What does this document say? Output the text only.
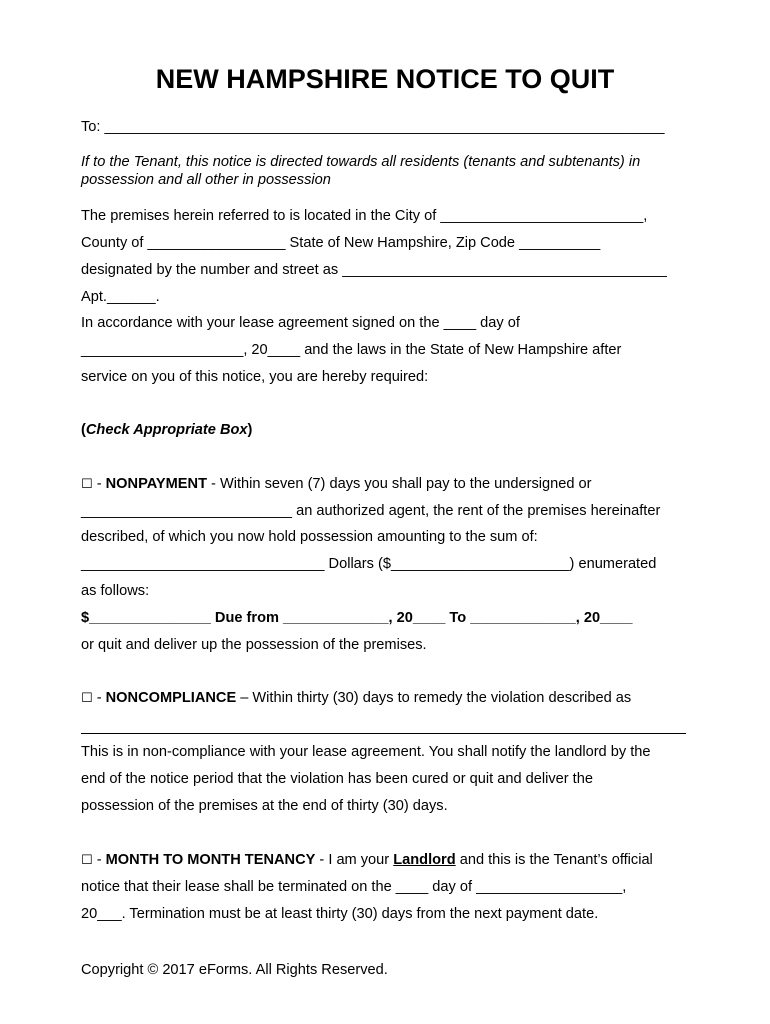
NEW HAMPSHIRE NOTICE TO QUIT
To: _____________________________________________________________________
If to the Tenant, this notice is directed towards all residents (tenants and subtenants) in
possession and all other in possession
The premises herein referred to is located in the City of _________________________,
County of _________________ State of New Hampshire, Zip Code __________
designated by the number and street as ________________________________________
Apt.______.
In accordance with your lease agreement signed on the ____ day of
____________________, 20____ and the laws in the State of New Hampshire after
service on you of this notice, you are hereby required:
(Check Appropriate Box)
☐ - NONPAYMENT - Within seven (7) days you shall pay to the undersigned or
__________________________ an authorized agent, the rent of the premises hereinafter
described, of which you now hold possession amounting to the sum of:
______________________________ Dollars ($______________________) enumerated
as follows:
$_______________ Due from _____________, 20____ To _____________, 20____
or quit and deliver up the possession of the premises.
☐ - NONCOMPLIANCE – Within thirty (30) days to remedy the violation described as
This is in non-compliance with your lease agreement. You shall notify the landlord by the
end of the notice period that the violation has been cured or quit and deliver the
possession of the premises at the end of thirty (30) days.
☐ - MONTH TO MONTH TENANCY - I am your Landlord and this is the Tenant’s official
notice that their lease shall be terminated on the ____ day of __________________,
20___. Termination must be at least thirty (30) days from the next payment date.
Copyright © 2017 eForms. All Rights Reserved.
